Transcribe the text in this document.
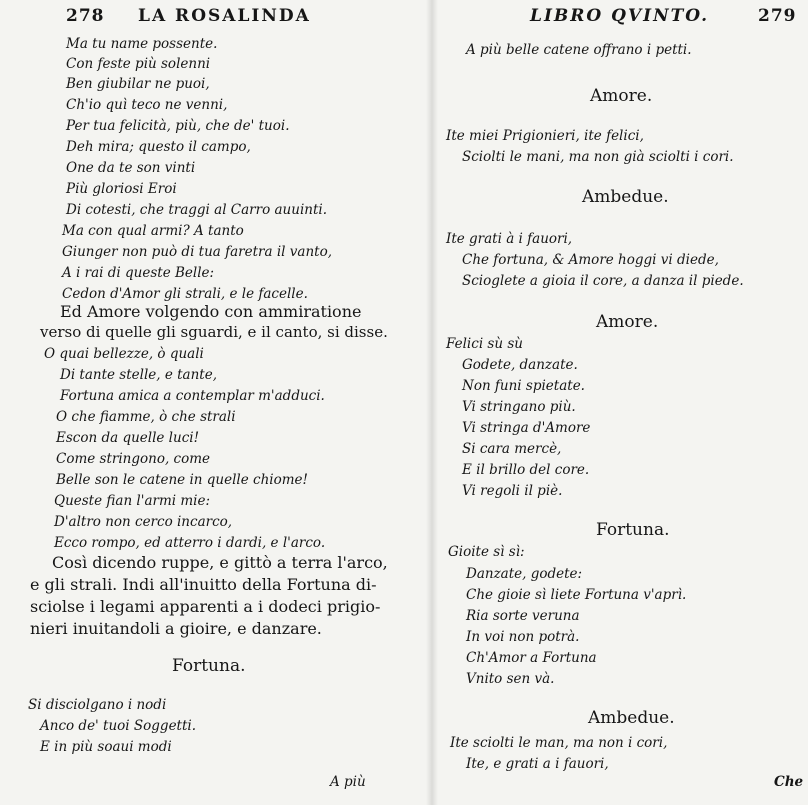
278 LA ROSALINDA
Ma tu name possente.
Con feste più solenni
Ben giubilar ne puoi,
Ch'io quì teco ne venni,
Per tua felicità, più, che de' tuoi.
Deh mira; questo il campo,
One da te son vinti
Più gloriosi Eroi
Di cotesti, che traggi al Carro auuinti.
Ma con qual armi? A tanto
Giunger non può di tua faretra il vanto,
A i rai di queste Belle:
Cedon d'Amor gli strali, e le facelle.
Ed Amore volgendo con ammiratione
verso di quelle gli sguardi, e il canto, si disse.
O quai bellezze, ò quali
Di tante stelle, e tante,
Fortuna amica a contemplar m'adduci.
O che fiamme, ò che strali
Escon da quelle luci!
Come stringono, come
Belle son le catene in quelle chiome!
Queste fian l'armi mie:
D'altro non cerco incarco,
Ecco rompo, ed atterro i dardi, e l'arco.
Così dicendo ruppe, e gittò a terra l'arco,
e gli strali. Indi all'inuitto della Fortuna di-
sciolse i legami apparenti a i dodeci prigio-
nieri inuitandoli a gioire, e danzare.
Fortuna.
Si disciolgano i nodi
Anco de' tuoi Soggetti.
E in più soaui modi
A più
LIBRO QVINTO.	279
A più belle catene offrano i petti.
Amore.
Ite miei Prigionieri, ite felici,
Sciolti le mani, ma non già sciolti i cori.
Ambedue.
Ite grati à i fauori,
Che fortuna, & Amore hoggi vi diede,
Scioglete a gioia il core, a danza il piede.
Amore.
Felici sù sù
Godete, danzate.
Non funi spietate.
Vi stringano più.
Vi stringa d'Amore
Si cara mercè,
E il brillo del core.
Vi regoli il piè.
Fortuna.
Gioite sì sì:
Danzate, godete:
Che gioie sì liete Fortuna v'aprì.
Ria sorte veruna
In voi non potrà.
Ch'Amor a Fortuna
Vnito sen và.
Ambedue.
Ite sciolti le man, ma non i cori,
Ite, e grati a i fauori,
Che
